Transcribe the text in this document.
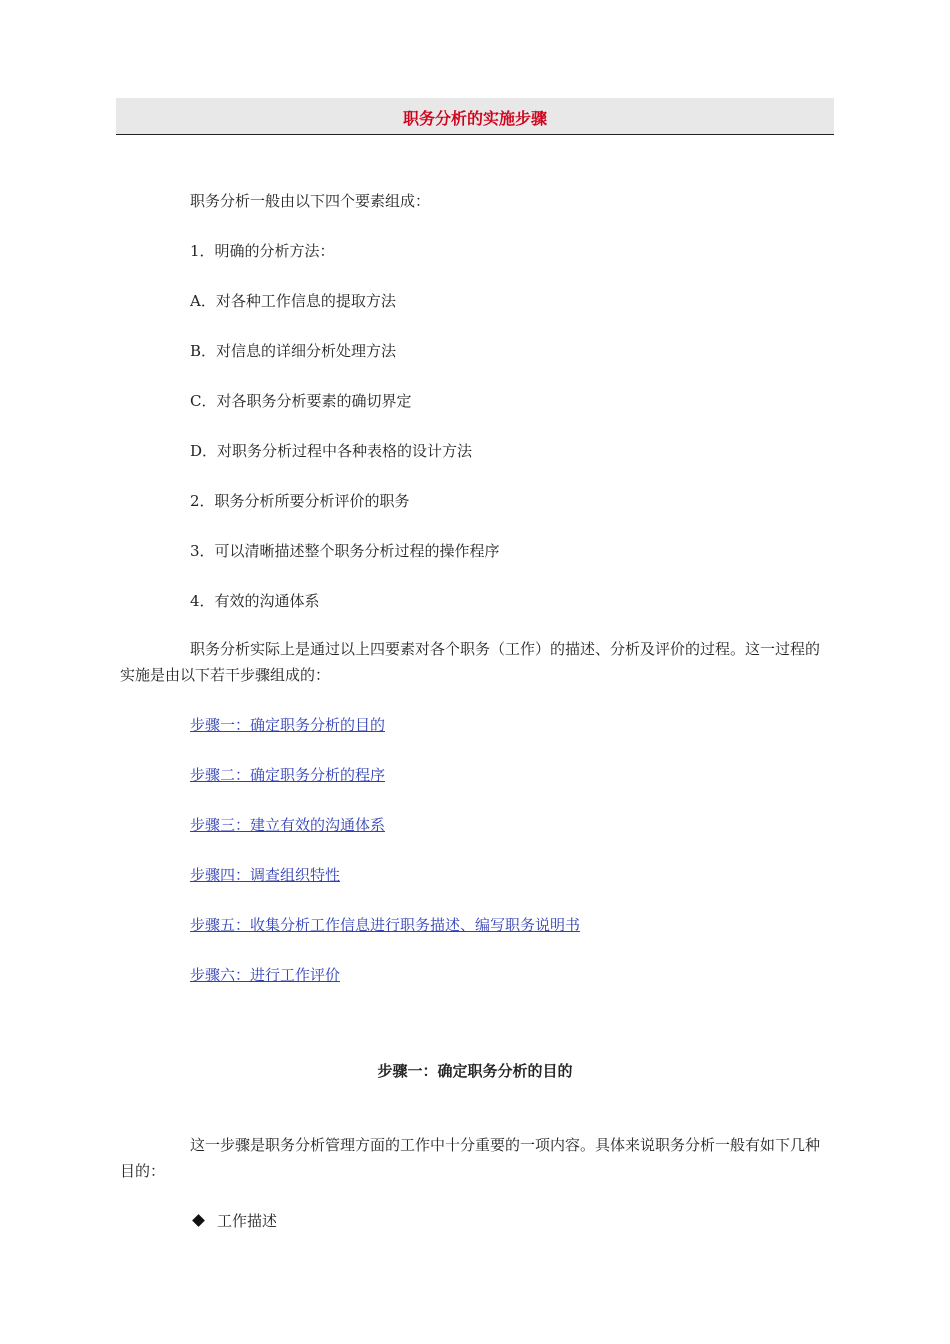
职务分析的实施步骤
职务分析一般由以下四个要素组成：
1．明确的分析方法：
A．对各种工作信息的提取方法
B．对信息的详细分析处理方法
C．对各职务分析要素的确切界定
D．对职务分析过程中各种表格的设计方法
2．职务分析所要分析评价的职务
3．可以清晰描述整个职务分析过程的操作程序
4．有效的沟通体系
职务分析实际上是通过以上四要素对各个职务（工作）的描述、分析及评价的过程。这一过程的实施是由以下若干步骤组成的：
步骤一：确定职务分析的目的
步骤二：确定职务分析的程序
步骤三：建立有效的沟通体系
步骤四：调查组织特性
步骤五：收集分析工作信息进行职务描述、编写职务说明书
步骤六：进行工作评价
步骤一：确定职务分析的目的
这一步骤是职务分析管理方面的工作中十分重要的一项内容。具体来说职务分析一般有如下几种目的：
工作描述
